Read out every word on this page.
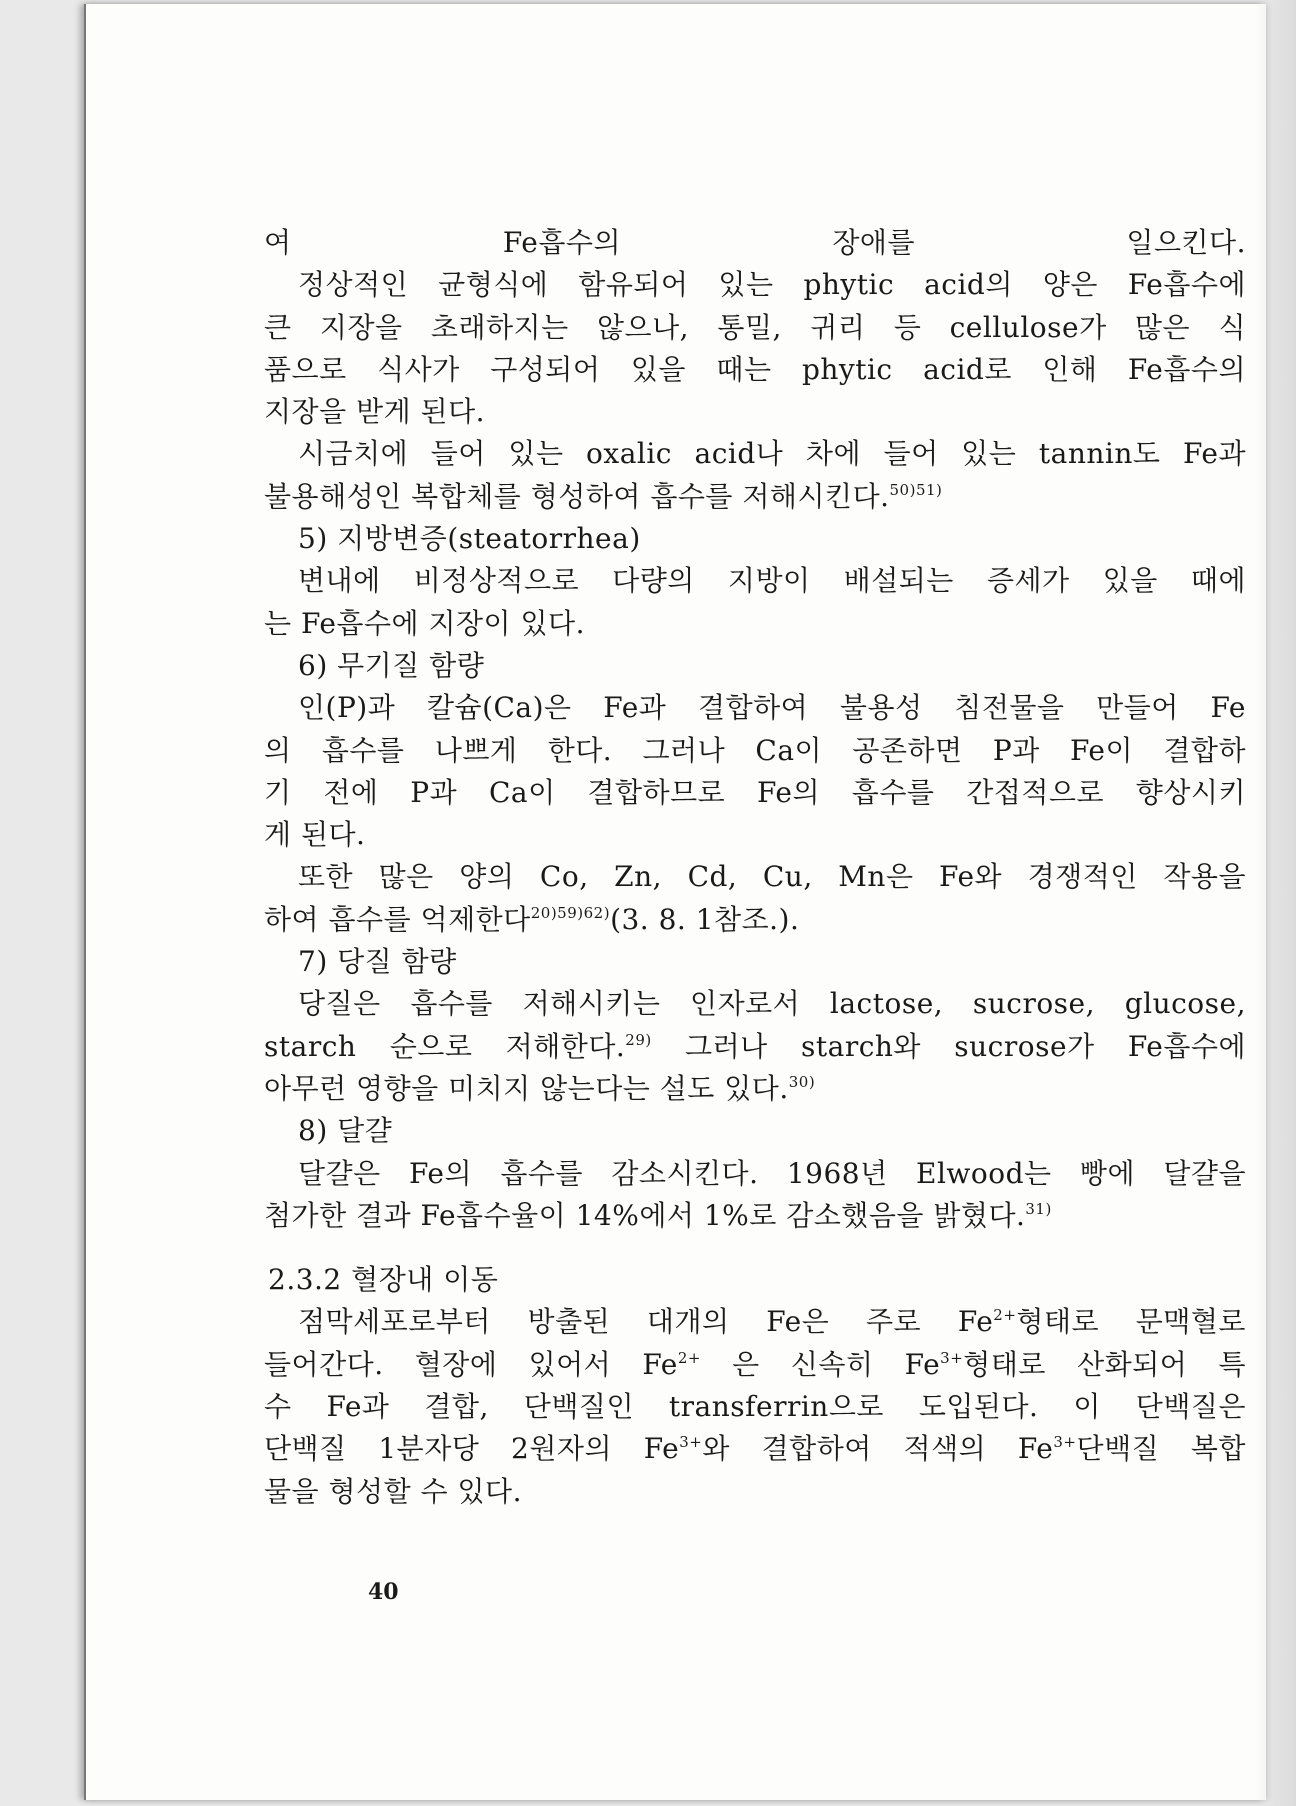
여 Fe흡수의 장애를 일으킨다.
정상적인 균형식에 함유되어 있는 phytic acid의 양은 Fe흡수에
큰 지장을 초래하지는 않으나, 통밀, 귀리 등 cellulose가 많은 식
품으로 식사가 구성되어 있을 때는 phytic acid로 인해 Fe흡수의
지장을 받게 된다.
시금치에 들어 있는 oxalic acid나 차에 들어 있는 tannin도 Fe과
불용해성인 복합체를 형성하여 흡수를 저해시킨다.$^{50)51)}$
5) 지방변증(steatorrhea)
변내에 비정상적으로 다량의 지방이 배설되는 증세가 있을 때에
는 Fe흡수에 지장이 있다.
6) 무기질 함량
인(P)과 칼슘(Ca)은 Fe과 결합하여 불용성 침전물을 만들어 Fe
의 흡수를 나쁘게 한다. 그러나 Ca이 공존하면 P과 Fe이 결합하
기 전에 P과 Ca이 결합하므로 Fe의 흡수를 간접적으로 향상시키
게 된다.
또한 많은 양의 Co, Zn, Cd, Cu, Mn은 Fe와 경쟁적인 작용을
하여 흡수를 억제한다$^{20)59)62)}$(3. 8. 1참조.).
7) 당질 함량
당질은 흡수를 저해시키는 인자로서 lactose, sucrose, glucose,
starch 순으로 저해한다.$^{29)}$ 그러나 starch와 sucrose가 Fe흡수에
아무런 영향을 미치지 않는다는 설도 있다.$^{30)}$
8) 달걀
달걀은 Fe의 흡수를 감소시킨다. 1968년 Elwood는 빵에 달걀을
첨가한 결과 Fe흡수율이 14%에서 1%로 감소했음을 밝혔다.$^{31)}$
2.3.2 혈장내 이동
점막세포로부터 방출된 대개의 Fe은 주로 $Fe^{2+}$형태로 문맥혈로
들어간다. 혈장에 있어서 $Fe^{2+}$ 은 신속히 $Fe^{3+}$형태로 산화되어 특
수 Fe과 결합, 단백질인 transferrin으로 도입된다. 이 단백질은
단백질 1분자당 2원자의 $Fe^{3+}$와 결합하여 적색의 $Fe^{3+}$단백질 복합
물을 형성할 수 있다.
40
